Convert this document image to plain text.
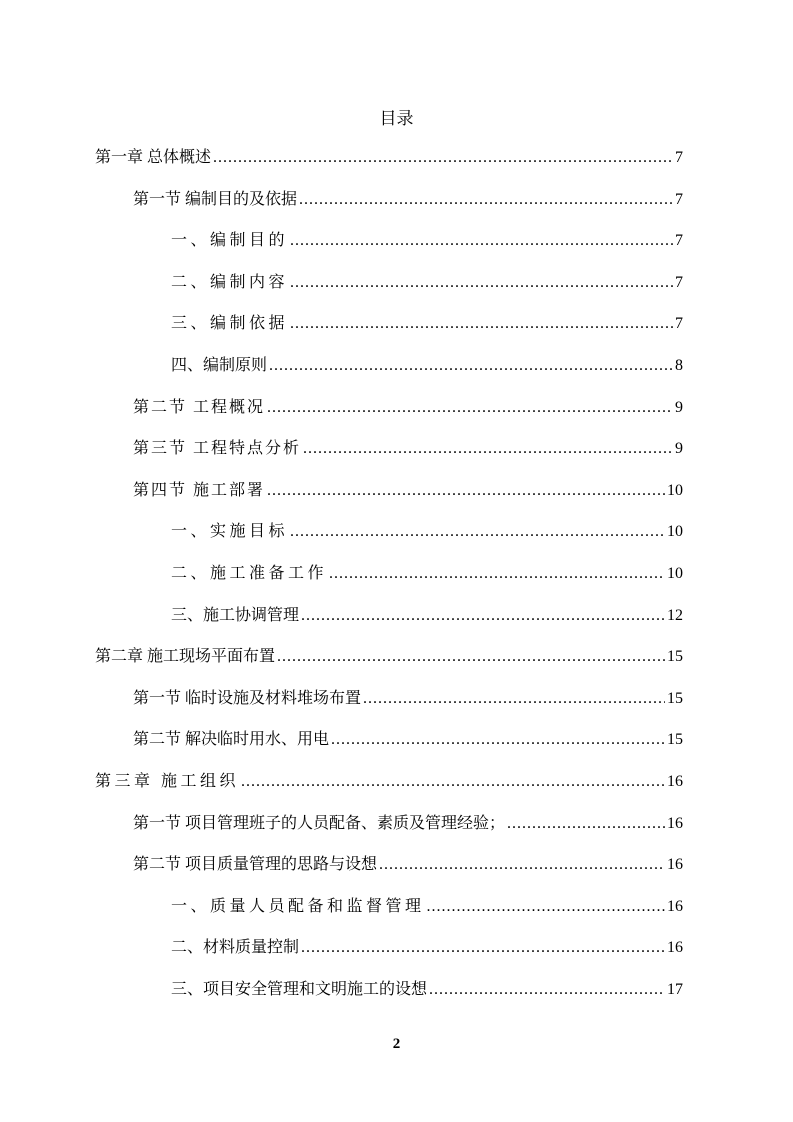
目录
第一章 总体概述 .....	7
第一节 编制目的及依据 .....	7
一、编制目的 .....	7
二、编制内容 .....	7
三、编制依据 .....	7
四、编制原则 .....	8
第二节 工程概况 .....	9
第三节 工程特点分析 .....	9
第四节 施工部署 .....	10
一、实施目标 .....	10
二、施工准备工作 .....	10
三、施工协调管理 .....	12
第二章 施工现场平面布置 .....	15
第一节 临时设施及材料堆场布置 .....	15
第二节 解决临时用水、用电 .....	15
第三章 施工组织 .....	16
第一节 项目管理班子的人员配备、素质及管理经验； .....	16
第二节 项目质量管理的思路与设想 .....	16
一、质量人员配备和监督管理 .....	16
二、材料质量控制 .....	16
三、项目安全管理和文明施工的设想 .....	17
2
